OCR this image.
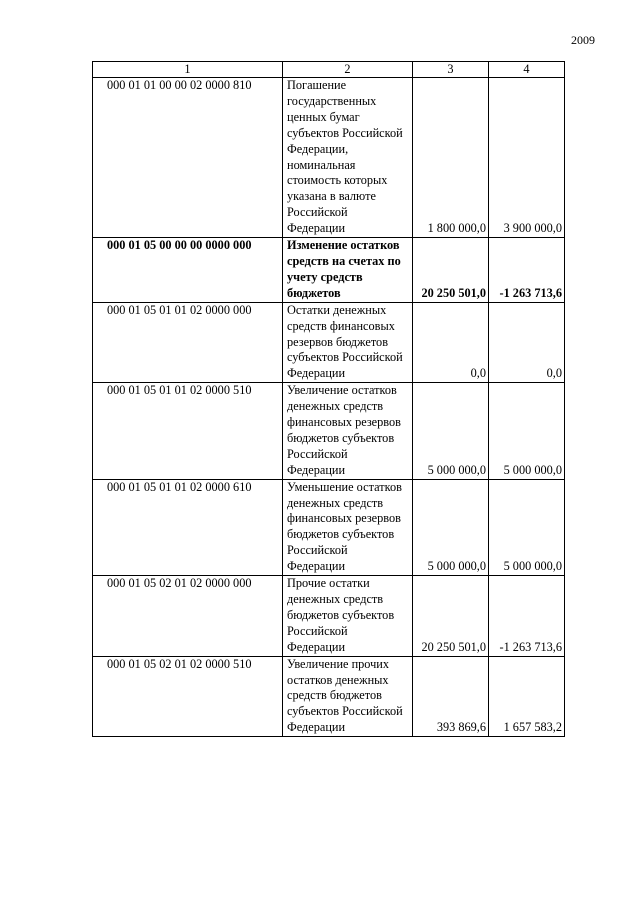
2009
1	2	3	4
000 01 01 00 00 02 0000 810	Погашение государственных ценных бумаг субъектов Российской Федерации, номинальная стоимость которых указана в валюте Российской Федерации	1 800 000,0	3 900 000,0
000 01 05 00 00 00 0000 000	Изменение остатков средств на счетах по учету средств бюджетов	20 250 501,0	-1 263 713,6
000 01 05 01 01 02 0000 000	Остатки денежных средств финансовых резервов бюджетов субъектов Российской Федерации	0,0	0,0
000 01 05 01 01 02 0000 510	Увеличение остатков денежных средств финансовых резервов бюджетов субъектов Российской Федерации	5 000 000,0	5 000 000,0
000 01 05 01 01 02 0000 610	Уменьшение остатков денежных средств финансовых резервов бюджетов субъектов Российской Федерации	5 000 000,0	5 000 000,0
000 01 05 02 01 02 0000 000	Прочие остатки денежных средств бюджетов субъектов Российской Федерации	20 250 501,0	-1 263 713,6
000 01 05 02 01 02 0000 510	Увеличение прочих остатков денежных средств бюджетов субъектов Российской Федерации	393 869,6	1 657 583,2
